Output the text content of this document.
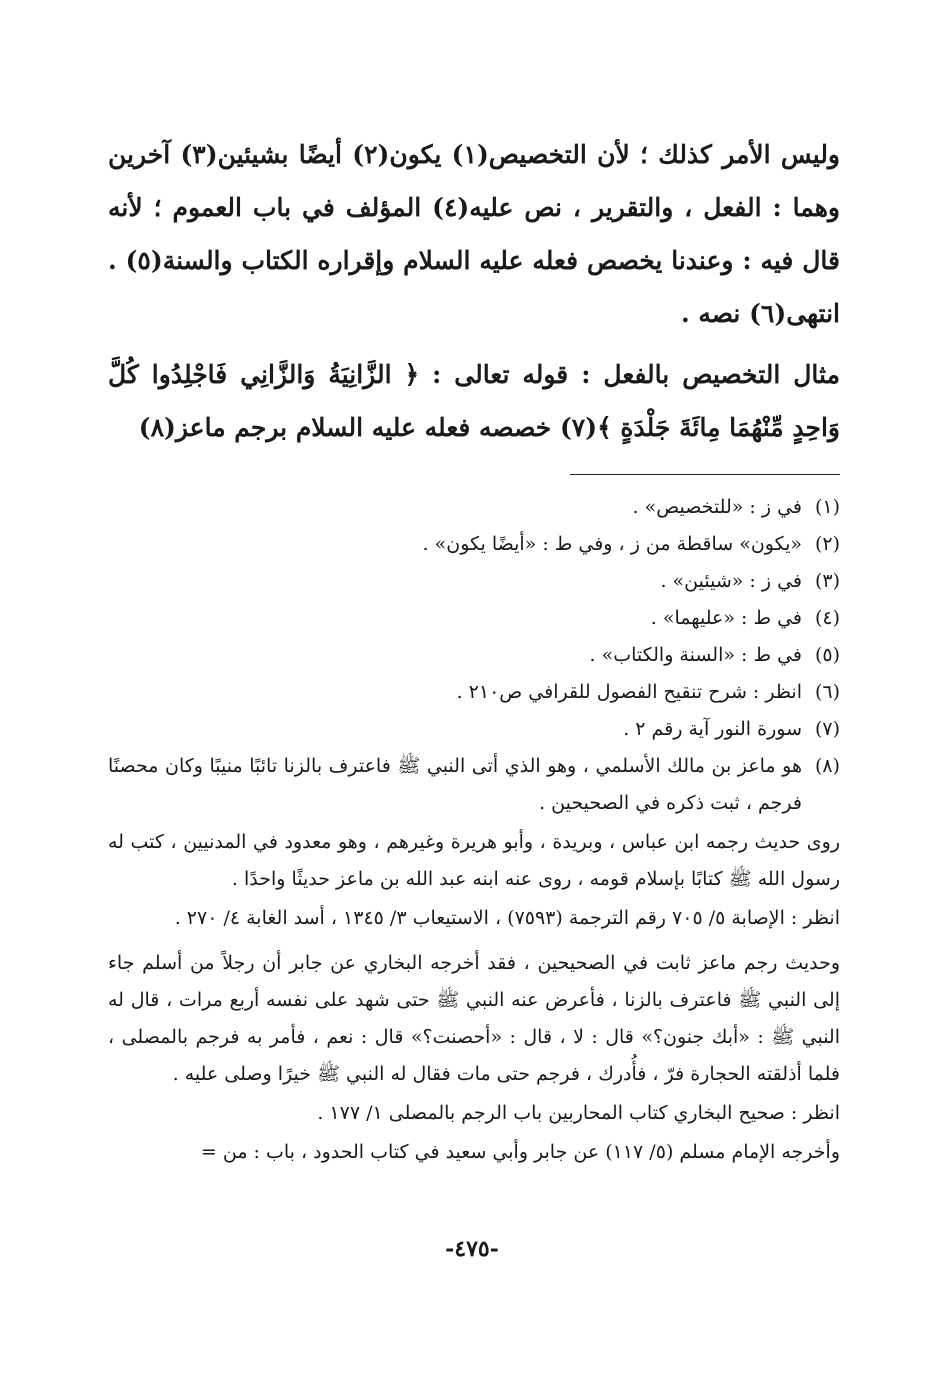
وليس الأمر كذلك ؛ لأن التخصيص(١) يكون(٢) أيضًا بشيئين(٣) آخرين وهما : الفعل ، والتقرير ، نص عليه(٤) المؤلف في باب العموم ؛ لأنه قال فيه : وعندنا يخصص فعله عليه السلام وإقراره الكتاب والسنة(٥) . انتهى(٦) نصه .

مثال التخصيص بالفعل : قوله تعالى : ﴿ الزَّانِيَةُ وَالزَّانِي فَاجْلِدُوا كُلَّ وَاحِدٍ مِّنْهُمَا مِائَةَ جَلْدَةٍ ﴾(٧) خصصه فعله عليه السلام برجم ماعز(٨)

(١)
في ز : «للتخصيص» .
(٢)
«يكون» ساقطة من ز ، وفي ط : «أيضًا يكون» .
(٣)
في ز : «شيئين» .
(٤)
في ط : «عليهما» .
(٥)
في ط : «السنة والكتاب» .
(٦)
انظر : شرح تنقيح الفصول للقرافي ص٢١٠ .
(٧)
سورة النور آية رقم ٢ .
(٨)
هو ماعز بن مالك الأسلمي ، وهو الذي أتى النبي ﷺ فاعترف بالزنا تائبًا منيبًا وكان محصنًا فرجم ، ثبت ذكره في الصحيحين .
روى حديث رجمه ابن عباس ، وبريدة ، وأبو هريرة وغيرهم ، وهو معدود في المدنيين ، كتب له رسول الله ﷺ كتابًا بإسلام قومه ، روى عنه ابنه عبد الله بن ماعز حديثًا واحدًا .
انظر : الإصابة ٥/ ٧٠٥ رقم الترجمة (٧٥٩٣) ، الاستيعاب ٣/ ١٣٤٥ ، أسد الغابة ٤/ ٢٧٠ .
وحديث رجم ماعز ثابت في الصحيحين ، فقد أخرجه البخاري عن جابر أن رجلاً من أسلم جاء إلى النبي ﷺ فاعترف بالزنا ، فأعرض عنه النبي ﷺ حتى شهد على نفسه أربع مرات ، قال له النبي ﷺ : «أبك جنون؟» قال : لا ، قال : «أحصنت؟» قال : نعم ، فأمر به فرجم بالمصلى ، فلما أذلقته الحجارة فرّ ، فأُدرك ، فرجم حتى مات فقال له النبي ﷺ خيرًا وصلى عليه .
انظر : صحيح البخاري كتاب المحاربين باب الرجم بالمصلى ١/ ١٧٧ .
وأخرجه الإمام مسلم (٥/ ١١٧) عن جابر وأبي سعيد في كتاب الحدود ، باب : من =
-٤٧٥-
